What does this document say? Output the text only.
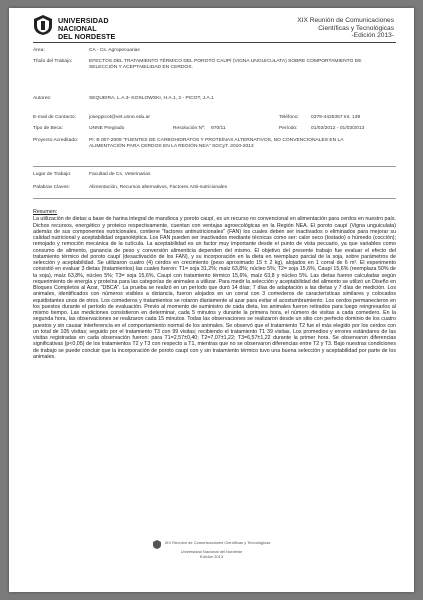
UNIVERSIDAD
NACIONAL
DEL NORDESTE
XIX Reunión de Comunicaciones
Científicas y Tecnológicas
-Edición 2013-
Área:	CA - Cs. Agropecuarias
Título del Trabajo:	EFECTOS DEL TRATAMIENTO TÉRMICO DEL POROTO CAUPÍ (VIGNA UNGUICULATA) SOBRE COMPORTAMIENTO DE SELECCIÓN Y ACEPTABILIDAD EN CERDOS.
Autores:	SEQUEIRA, L.A.3- KOSLOWSKI, H.A.1, 2 - PICOT, J.A.1
E-mail de Contacto:	joseppicot@vet.unne.edu.ar	Teléfono: 0379-4425357 Int. 139
Tipo de Beca:	UNNE Pregrado	Resolución Nº: 970/11	Período:	01/03/2012 - 01/03/2013
Proyecto Acreditado: PI: B 007-2009 "FUENTES DE CARBOHIDRATOS Y PROTEÍNAS ALTERNATIVOS, NO CONVENCIONALES EN LA ALIMENTACIÓN PARA CERDOS EN LA REGIÓN NEA" SGCyT. 2010-2013
Lugar de Trabajo:	Facultad de Cs. Veterinarias
Palabras Claves:	Alimentación, Recursos alternativos, Factores Anti-nutricionales
Resumen:
La utilización de dietas a base de harina integral de mandioca y poroto caupí, es un recurso no convencional en alimentación para cerdos en nuestro país. Dichos recursos, energético y proteico respectivamente, cuentan con ventajas agroecológicas en la Región NEA. El poroto caupí (Vigna unguiculata) además de sus componentes nutricionales, contiene "factores antinutricionales" (FAN) los cuales deben ser inactivados o eliminados para mejorar su calidad nutricional y aceptabilidad organoléptica. Los FAN pueden ser inactivados mediante técnicas como ser: calor seco (tostado) o húmedo (cocción); remojado y remoción mecánica de la cutícula. La aceptabilidad es un factor muy importante desde el punto de vista pecuario, ya que variables como consumo de alimento, ganancia de peso y conversión alimenticia dependen del mismo. El objetivo del presente trabajo fue evaluar el efecto del tratamiento térmico del poroto caupí (desactivación de los FAN), y su incorporación en la dieta en reemplazo parcial de la soja, sobre parámetros de selección y aceptabilidad. Se utilizaron cuatro (4) cerdos en crecimiento (peso aproximado 15 ± 2 kg), alojados en 1 corral de 6 m². El experimento consistió en evaluar 3 dietas (tratamientos) las cuales fueron: T1= soja 31,2%; maíz 63,8%; núcleo 5%; T2= soja 15,6%, Caupí 15,6% (reemplaza 50% de la soja), maíz 63,8%, núcleo 5%; T3= soja 15,6%, Caupí con tratamiento térmico 15,6%, maíz 63,8 y núcleo 5%. Las dietas fueron calculadas según requerimiento de energía y proteína para las categorías de animales a utilizar. Para medir la selección y aceptabilidad del alimento se utilizó un Diseño en Bloques Completos al Azar, "DBCA". La prueba se realizó en un período que duró 14 días; 7 días de adaptación a las dietas y 7 días de medición. Los animales, identificados con números visibles a distancia, fueron alojados en un corral con 3 comederos de características similares y colocados equidistantes unos de otros. Los comederos y tratamientos se rotaron diariamente al azar para evitar el acostumbramiento. Los cerdos permanecieron en los puestos durante el período de evaluación. Previo al momento de suministro de cada dieta, los animales fueron retirados para luego reingresarlos al mismo tiempo. Las mediciones consistieron en determinar, cada 5 minutos y durante la primera hora, el número de visitas a cada comedero. En la segunda hora, las observaciones se realizaron cada 15 minutos. Todas las observaciones se realizaron desde un sitio con perfecto dominio de los cuatro puestos y sin causar interferencia en el comportamiento normal de los animales. Se observó que el tratamiento T2 fue el más elegido por los cerdos con un total de 105 visitas; seguido por el tratamiento T3 con 99 visitas; recibiendo el tratamiento T1 39 visitas. Los promedios y errores estándares de las visitas registradas en cada observación fueron: para T1=2,57±0,40; T2=7,07±1,22; T3=6,57±1,22 durante la primer hora. Se observaron diferencias significativas (p<0,05) de los tratamientos T2 y T3 con respecto a T1, mientras que no se observaron diferencias entre T2 y T3. Bajo nuestras condiciones de trabajo se puede concluir que la incorporación de poroto caupí con y sin tratamiento térmico tuvo una buena selección y aceptabilidad por parte de los animales.
XIX Reunión de Comunicaciones Científicas y Tecnológicas
Universidad Nacional del Nordeste
Edición 2013
